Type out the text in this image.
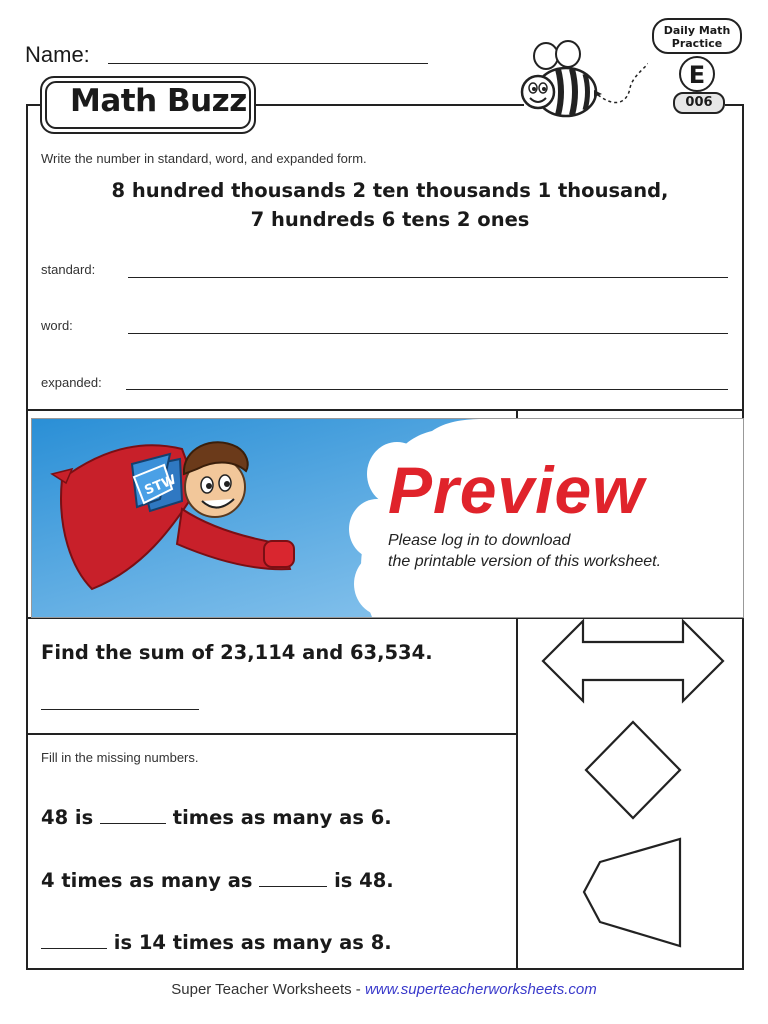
Name:
Math Buzz
Daily Math
Practice
E
006
Write the number in standard, word, and expanded form.
8 hundred thousands 2 ten thousands 1 thousand,
7 hundreds 6 tens 2 ones
standard:
word:
expanded:
STW	Preview
Please log in to download
the printable version of this worksheet.
Find the sum of 23,114 and 63,534.
Fill in the missing numbers.
48 is	times as many as 6.
4 times as many as	is 48.
is 14 times as many as 8.
Super Teacher Worksheets - www.superteacherworksheets.com
